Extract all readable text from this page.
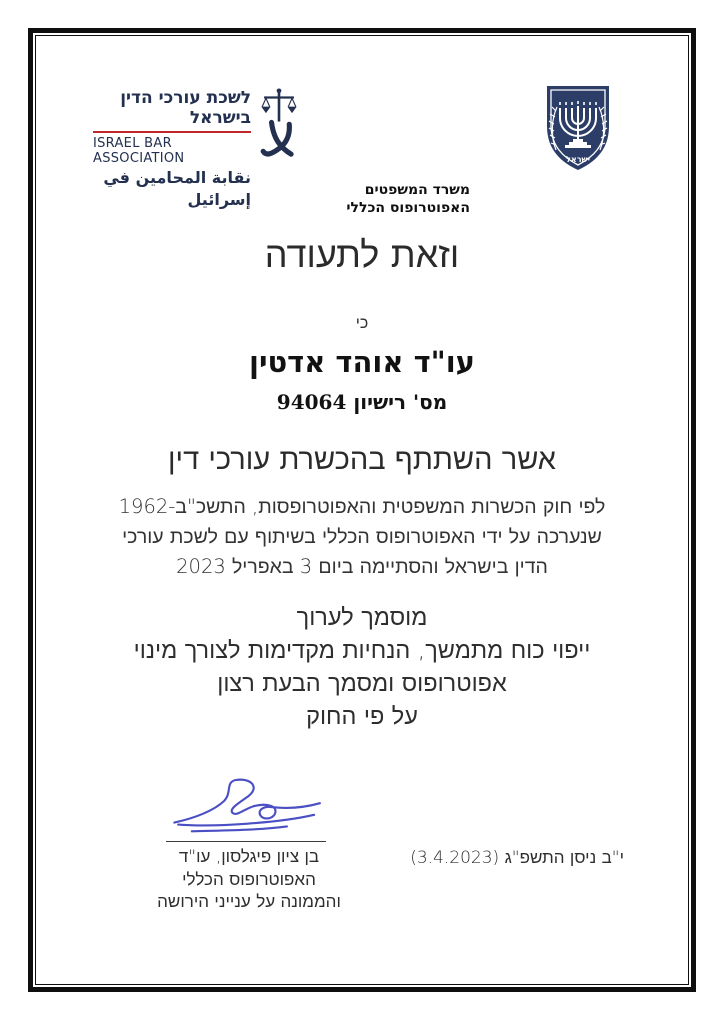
לשכת עורכי הדין בישראל
ISRAEL BAR ASSOCIATION
نقابة المحامين في إسرائيل
ישראל
משרד המשפטים
האפוטרופוס הכללי
וזאת לתעודה
כי
עו"ד אוהד אדטין
מס' רישיון 94064
אשר השתתף בהכשרת עורכי דין
לפי חוק הכשרות המשפטית והאפוטרופסות, התשכ"ב-1962
שנערכה על ידי האפוטרופוס הכללי בשיתוף עם לשכת עורכי
הדין בישראל והסתיימה ביום 3 באפריל 2023
מוסמך לערוך
ייפוי כוח מתמשך, הנחיות מקדימות לצורך מינוי
אפוטרופוס ומסמך הבעת רצון
על פי החוק
בן ציון פיגלסון, עו"ד
האפוטרופוס הכללי
והממונה על ענייני הירושה
י"ב ניסן התשפ"ג (3.4.2023)
